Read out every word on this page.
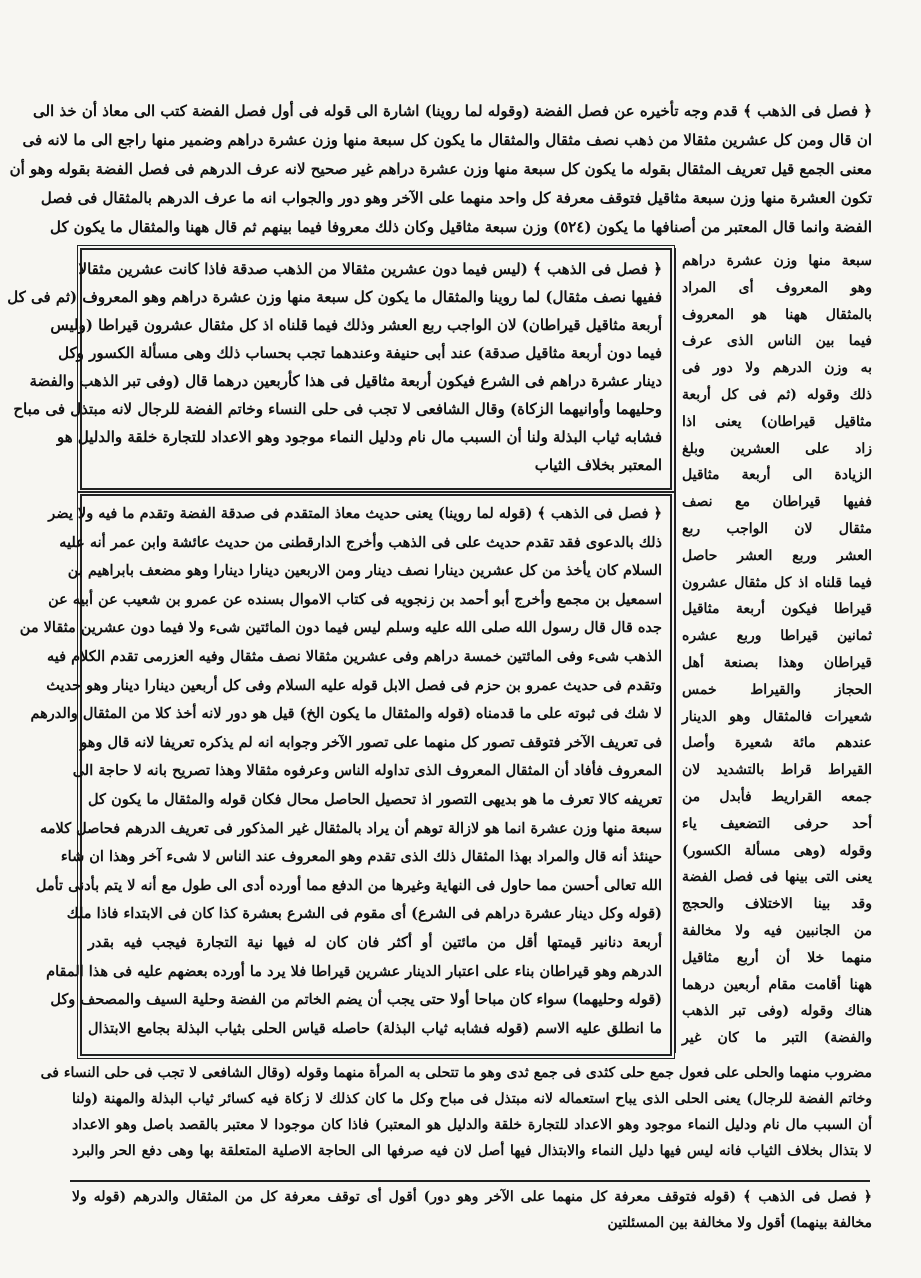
﴿ فصل فى الذهب ﴾ قدم وجه تأخيره عن فصل الفضة (وقوله لما روينا) اشارة الى قوله فى أول فصل الفضة كتب الى معاذ أن خذ الى
ان قال ومن كل عشرين مثقالا من ذهب نصف مثقال والمثقال ما يكون كل سبعة منها وزن عشرة دراهم وضمير منها راجع الى ما لانه فى
معنى الجمع قيل تعريف المثقال بقوله ما يكون كل سبعة منها وزن عشرة دراهم غير صحيح لانه عرف الدرهم فى فصل الفضة بقوله وهو أن
تكون العشرة منها وزن سبعة مثاقيل فتوقف معرفة كل واحد منهما على الآخر وهو دور والجواب انه ما عرف الدرهم بالمثقال فى فصل
الفضة وانما قال المعتبر من أصنافها ما يكون (٥٢٤) وزن سبعة مثاقيل وكان ذلك معروفا فيما بينهم ثم قال ههنا والمثقال ما يكون كل
سبعة منها وزن عشرة دراهم
وهو المعروف أى المراد
بالمثقال ههنا هو المعروف
فيما بين الناس الذى عرف
به وزن الدرهم ولا دور فى
ذلك وقوله (ثم فى كل أربعة
مثاقيل قيراطان) يعنى اذا
زاد على العشرين وبلغ
الزيادة الى أربعة مثاقيل
ففيها قيراطان مع نصف
مثقال لان الواجب ربع
العشر وربع العشر حاصل
فيما قلناه اذ كل مثقال عشرون
قيراطا فيكون أربعة مثاقيل
ثمانين قيراطا وربع عشره
قيراطان وهذا بصنعة أهل
الحجاز والقيراط خمس
شعيرات فالمثقال وهو الدينار
عندهم مائة شعيرة وأصل
القيراط قراط بالتشديد لان
جمعه القراريط فأبدل من
أحد حرفى التضعيف ياء
وقوله (وهى مسألة الكسور)
يعنى التى بينها فى فصل الفضة
وقد بينا الاختلاف والحجج
من الجانبين فيه ولا مخالفة
منهما خلا أن أربع مثاقيل
ههنا أقامت مقام أربعين درهما
هناك وقوله (وفى تبر الذهب
والفضة) التبر ما كان غير
﴿ فصل فى الذهب ﴾ (ليس فيما دون عشرين مثقالا من الذهب صدقة فاذا كانت عشرين مثقالا
ففيها نصف مثقال) لما روينا والمثقال ما يكون كل سبعة منها وزن عشرة دراهم وهو المعروف (ثم فى كل
أربعة مثاقيل قيراطان) لان الواجب ربع العشر وذلك فيما قلناه اذ كل مثقال عشرون قيراطا (وليس
فيما دون أربعة مثاقيل صدقة) عند أبى حنيفة وعندهما تجب بحساب ذلك وهى مسألة الكسور وكل
دينار عشرة دراهم فى الشرع فيكون أربعة مثاقيل فى هذا كأربعين درهما قال (وفى تبر الذهب والفضة
وحليهما وأوانيهما الزكاة) وقال الشافعى لا تجب فى حلى النساء وخاتم الفضة للرجال لانه مبتذل فى مباح
فشابه ثياب البذلة ولنا أن السبب مال نام ودليل النماء موجود وهو الاعداد للتجارة خلقة والدليل هو
المعتبر بخلاف الثياب
﴿ فصل فى الذهب ﴾ (قوله لما روينا) يعنى حديث معاذ المتقدم فى صدقة الفضة وتقدم ما فيه ولا يضر
ذلك بالدعوى فقد تقدم حديث على فى الذهب وأخرج الدارقطنى من حديث عائشة وابن عمر أنه عليه
السلام كان يأخذ من كل عشرين دينارا نصف دينار ومن الاربعين دينارا دينارا وهو مضعف بابراهيم بن
اسمعيل بن مجمع وأخرج أبو أحمد بن زنجويه فى كتاب الاموال بسنده عن عمرو بن شعيب عن أبيه عن
جده قال قال رسول الله صلى الله عليه وسلم ليس فيما دون المائتين شىء ولا فيما دون عشرين مثقالا من
الذهب شىء وفى المائتين خمسة دراهم وفى عشرين مثقالا نصف مثقال وفيه العزرمى تقدم الكلام فيه
وتقدم فى حديث عمرو بن حزم فى فصل الابل قوله عليه السلام وفى كل أربعين دينارا دينار وهو حديث
لا شك فى ثبوته على ما قدمناه (قوله والمثقال ما يكون الخ) قيل هو دور لانه أخذ كلا من المثقال والدرهم
فى تعريف الآخر فتوقف تصور كل منهما على تصور الآخر وجوابه انه لم يذكره تعريفا لانه قال وهو
المعروف فأفاد أن المثقال المعروف الذى تداوله الناس وعرفوه مثقالا وهذا تصريح بانه لا حاجة الى
تعريفه كالا تعرف ما هو بديهى التصور اذ تحصيل الحاصل محال فكان قوله والمثقال ما يكون كل
سبعة منها وزن عشرة انما هو لازالة توهم أن يراد بالمثقال غير المذكور فى تعريف الدرهم فحاصل كلامه
حينئذ أنه قال والمراد بهذا المثقال ذلك الذى تقدم وهو المعروف عند الناس لا شىء آخر وهذا ان شاء
الله تعالى أحسن مما حاول فى النهاية وغيرها من الدفع مما أورده أدى الى طول مع أنه لا يتم بأدنى تأمل
(قوله وكل دينار عشرة دراهم فى الشرع) أى مقوم فى الشرع بعشرة كذا كان فى الابتداء فاذا ملك
أربعة دنانير قيمتها أقل من مائتين أو أكثر فان كان له فيها نية التجارة فيجب فيه بقدر
الدرهم وهو قيراطان بناء على اعتبار الدينار عشرين قيراطا فلا يرد ما أورده بعضهم عليه فى هذا المقام
(قوله وحليهما) سواء كان مباحا أولا حتى يجب أن يضم الخاتم من الفضة وحلية السيف والمصحف وكل
ما انطلق عليه الاسم (قوله فشابه ثياب البذلة) حاصله قياس الحلى بثياب البذلة بجامع الابتذال
مضروب منهما والحلى على فعول جمع حلى كثدى فى جمع ثدى وهو ما تتحلى به المرأة منهما وقوله (وقال الشافعى لا تجب فى حلى النساء فى
وخاتم الفضة للرجال) يعنى الحلى الذى يباح استعماله لانه مبتذل فى مباح وكل ما كان كذلك لا زكاة فيه كسائر ثياب البذلة والمهنة (ولنا
أن السبب مال نام ودليل النماء موجود وهو الاعداد للتجارة خلقة والدليل هو المعتبر) فاذا كان موجودا لا معتبر بالقصد باصل وهو الاعداد
لا بتذال بخلاف الثياب فانه ليس فيها دليل النماء والابتذال فيها أصل لان فيه صرفها الى الحاجة الاصلية المتعلقة بها وهى دفع الحر والبرد
﴿ فصل فى الذهب ﴾ (قوله فتوقف معرفة كل منهما على الآخر وهو دور) أقول أى توقف معرفة كل من المثقال والدرهم (قوله ولا
مخالفة بينهما) أقول ولا مخالفة بين المسئلتين
